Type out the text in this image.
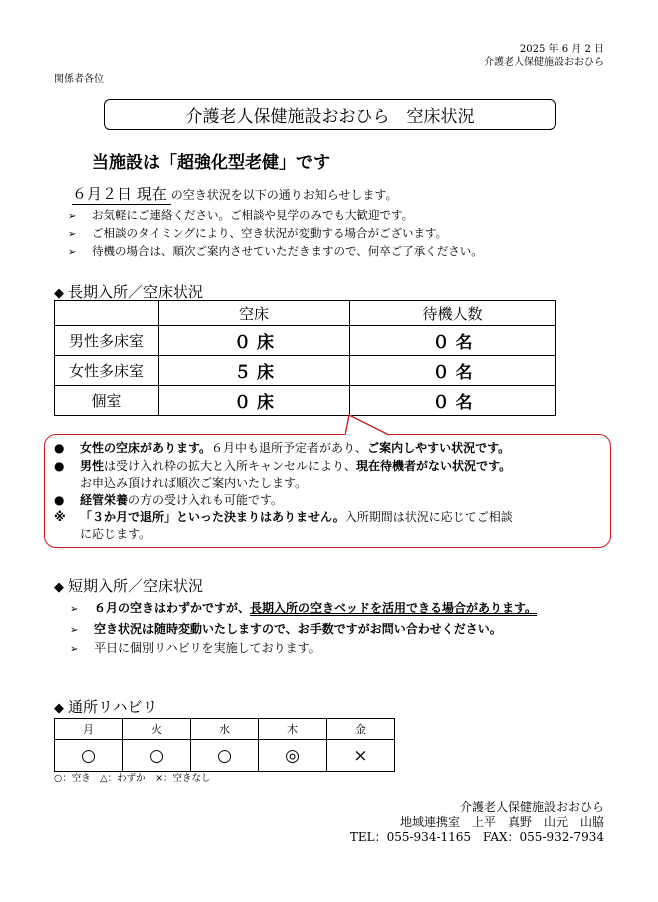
2025 年 6 月 2 日
介護老人保健施設おおひら
関係者各位
介護老人保健施設おおひら　空床状況
当施設は「超強化型老健」です
６月２日 現在 の空き状況を以下の通りお知らせします。
➢ お気軽にご連絡ください。ご相談や見学のみでも大歓迎です。
➢ ご相談のタイミングにより、空き状況が変動する場合がございます。
➢ 待機の場合は、順次ご案内させていただきますので、何卒ご了承ください。
◆ 長期入所／空床状況
	空床	待機人数
男性多床室	０ 床	０ 名
女性多床室	５ 床	０ 名
個室	０ 床	０ 名
● 女性の空床があります。６月中も退所予定者があり、ご案内しやすい状況です。
● 男性は受け入れ枠の拡大と入所キャンセルにより、現在待機者がない状況です。
お申込み頂ければ順次ご案内いたします。
● 経管栄養の方の受け入れも可能です。
※ 「３か月で退所」といった決まりはありません。入所期間は状況に応じてご相談
に応じます。
◆ 短期入所／空床状況
➢ ６月の空きはわずかですが、長期入所の空きベッドを活用できる場合があります。
➢ 空き状況は随時変動いたしますので、お手数ですがお問い合わせください。
➢ 平日に個別リハビリを実施しております。
◆ 通所リハビリ
月	火	水	木	金
○	○	○	◎	×
○：空き　△：わずか　×：空きなし
介護老人保健施設おおひら
地域連携室　上平　真野　山元　山脇
TEL：055-934-1165　FAX：055-932-7934
